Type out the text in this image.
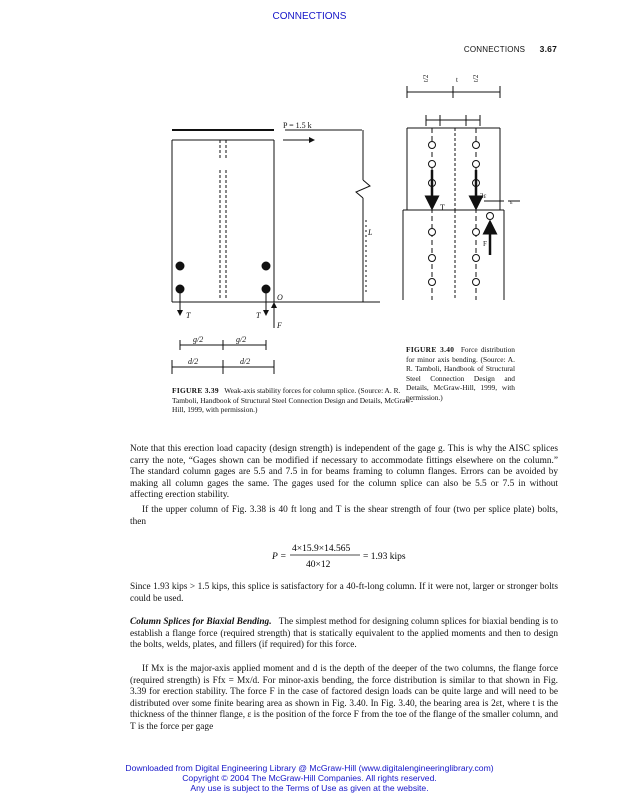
CONNECTIONS
CONNECTIONS 3.67
P = 1.5 k
L
T	T
O
F
g/2	g/2
d/2	d/2
t/2	t t/2
T
ε
2ε
F
FIGURE 3.39 Weak-axis stability forces for column splice. (Source: A. R. Tamboli, Handbook of Structural Steel Connection Design and Details, McGraw-Hill, 1999, with permission.)
FIGURE 3.40 Force distribution for minor axis bending. (Source: A. R. Tamboli, Handbook of Structural Steel Connection Design and Details, McGraw-Hill, 1999, with permission.)

Note that this erection load capacity (design strength) is independent of the gage g. This is why the AISC splices carry the note, “Gages shown can be modified if necessary to accommodate fittings elsewhere on the column.” The standard column gages are 5.5 and 7.5 in for beams framing to column flanges. Errors can be avoided by making all column gages the same. The gages used for the column splice can also be 5.5 or 7.5 in without affecting erection stability.

If the upper column of Fig. 3.38 is 40 ft long and T is the shear strength of four (two per splice plate) bolts, then

P =
4×15.9×14.565
40×12
= 1.93 kips

Since 1.93 kips > 1.5 kips, this splice is satisfactory for a 40-ft-long column. If it were not, larger or stronger bolts could be used.

Column Splices for Biaxial Bending. The simplest method for designing column splices for biaxial bending is to establish a flange force (required strength) that is statically equivalent to the applied moments and then to design the bolts, welds, plates, and fillers (if required) for this force.

If Mx is the major-axis applied moment and d is the depth of the deeper of the two columns, the flange force (required strength) is Ffx = Mx/d. For minor-axis bending, the force distribution is similar to that shown in Fig. 3.39 for erection stability. The force F in the case of factored design loads can be quite large and will need to be distributed over some finite bearing area as shown in Fig. 3.40. In Fig. 3.40, the bearing area is 2εt, where t is the thickness of the thinner flange, ε is the position of the force F from the toe of the flange of the smaller column, and T is the force per gage

Downloaded from Digital Engineering Library @ McGraw-Hill (www.digitalengineeringlibrary.com)
Copyright © 2004 The McGraw-Hill Companies. All rights reserved.
Any use is subject to the Terms of Use as given at the website.
